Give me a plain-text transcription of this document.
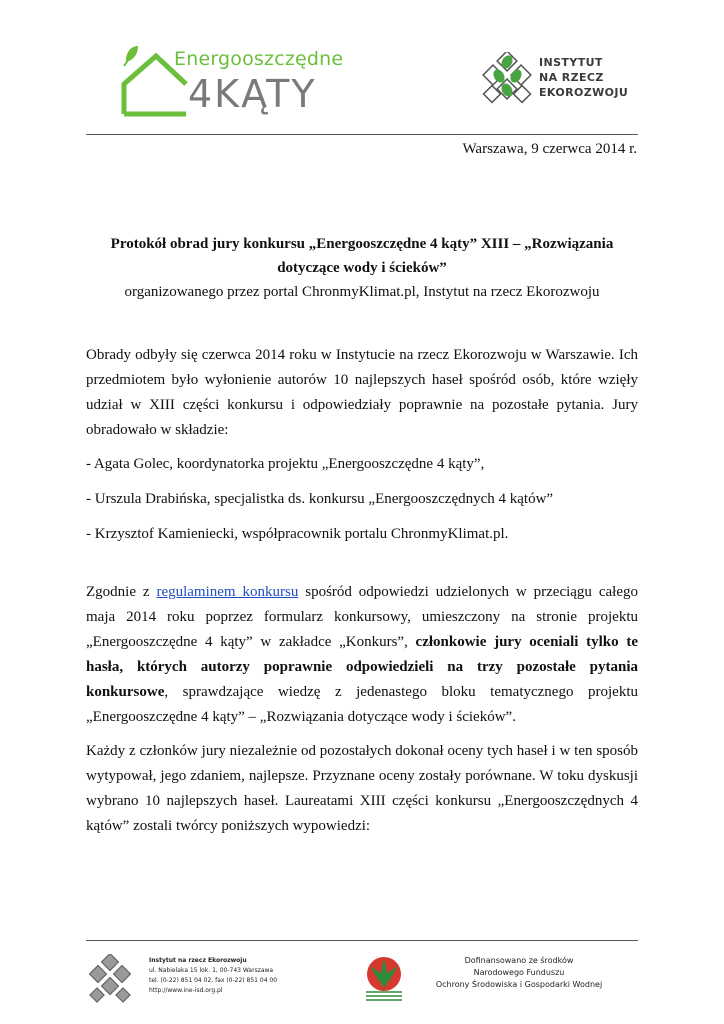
Energooszczędne
4KĄTY
INSTYTUT
NA RZECZ
EKOROZWOJU
Warszawa, 9 czerwca 2014 r.
Protokół obrad jury konkursu „Energooszczędne 4 kąty” XIII – „Rozwiązania
dotyczące wody i ścieków”
organizowanego przez portal ChronmyKlimat.pl, Instytut na rzecz Ekorozwoju
Obrady odbyły się czerwca 2014 roku w Instytucie na rzecz Ekorozwoju w Warszawie. Ich przedmiotem było wyłonienie autorów 10 najlepszych haseł spośród osób, które wzięły udział w XIII części konkursu i odpowiedziały poprawnie na pozostałe pytania. Jury obradowało w składzie:
- Agata Golec, koordynatorka projektu „Energooszczędne 4 kąty”,
- Urszula Drabińska, specjalistka ds. konkursu „Energooszczędnych 4 kątów”
- Krzysztof Kamieniecki, współpracownik portalu ChronmyKlimat.pl.
Zgodnie z regulaminem konkursu spośród odpowiedzi udzielonych w przeciągu całego maja 2014 roku poprzez formularz konkursowy, umieszczony na stronie projektu „Energooszczędne 4 kąty” w zakładce „Konkurs”, członkowie jury oceniali tylko te hasła, których autorzy poprawnie odpowiedzieli na trzy pozostałe pytania konkursowe, sprawdzające wiedzę z jedenastego bloku tematycznego projektu „Energooszczędne 4 kąty” – „Rozwiązania dotyczące wody i ścieków”.
Każdy z członków jury niezależnie od pozostałych dokonał oceny tych haseł i w ten sposób wytypował, jego zdaniem, najlepsze. Przyznane oceny zostały porównane. W toku dyskusji wybrano 10 najlepszych haseł. Laureatami XIII części konkursu „Energooszczędnych 4 kątów” zostali twórcy poniższych wypowiedzi:
Instytut na rzecz Ekorozwoju
ul. Nabielaka 15 lok. 1, 00-743 Warszawa
tel. (0-22) 851 04 02, fax (0-22) 851 04 00
http://www.ine-isd.org.pl
Dofinansowano ze środków
Narodowego Funduszu
Ochrony Środowiska i Gospodarki Wodnej
